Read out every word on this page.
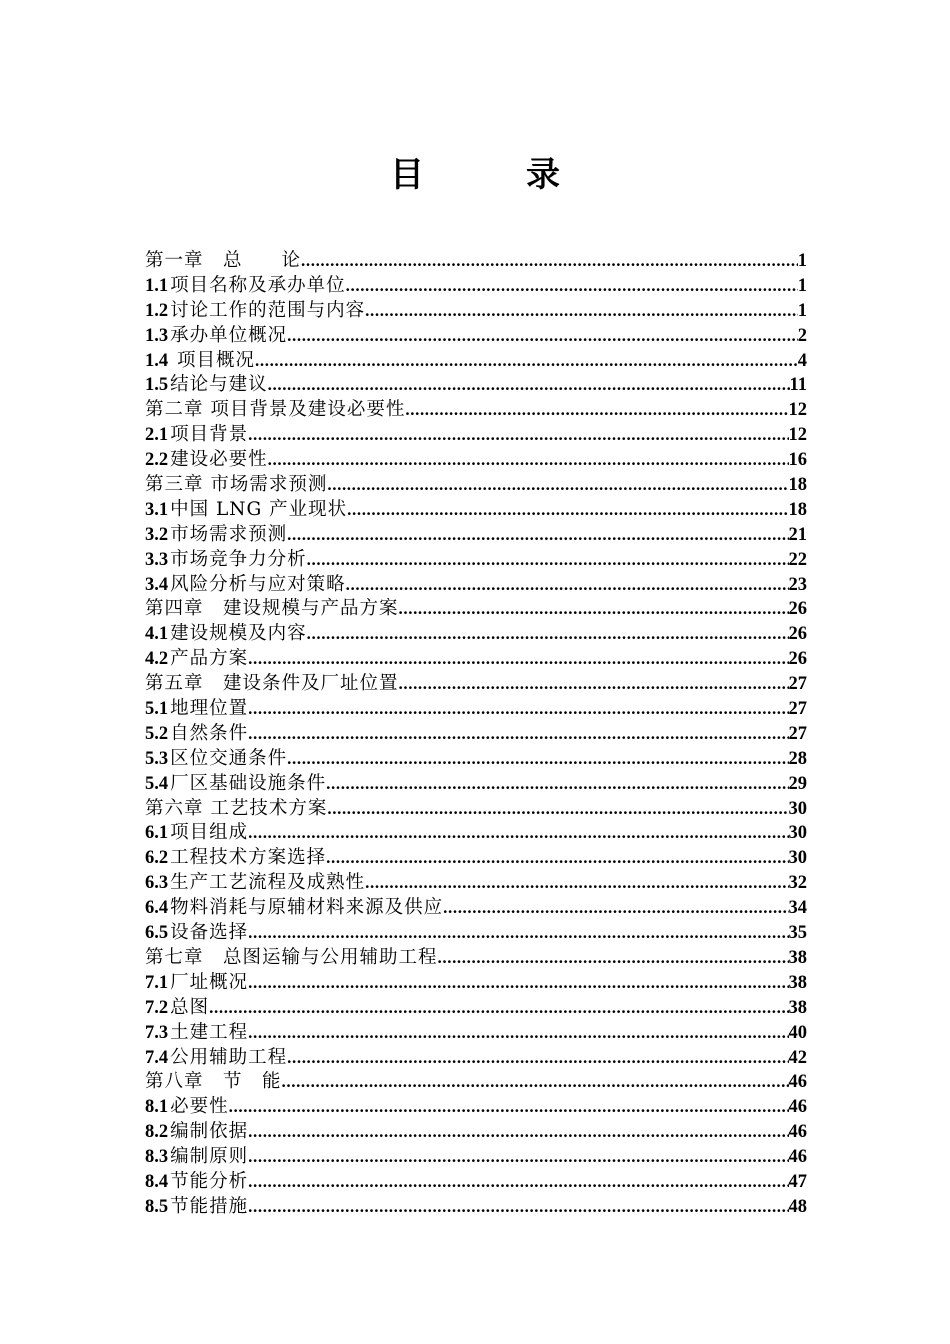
目　录
第一章　总　　论 .....	1
1.1 项目名称及承办单位 .....	1
1.2 讨论工作的范围与内容 .....	1
1.3 承办单位概况 .....	2
1.4 项目概况 .....	4
1.5 结论与建议 .....	11
第二章 项目背景及建设必要性 .....	12
2.1 项目背景 .....	12
2.2 建设必要性 .....	16
第三章 市场需求预测 .....	18
3.1 中国 LNG 产业现状 .....	18
3.2 市场需求预测 .....	21
3.3 市场竞争力分析 .....	22
3.4 风险分析与应对策略 .....	23
第四章　建设规模与产品方案 .....	26
4.1 建设规模及内容 .....	26
4.2 产品方案 .....	26
第五章　建设条件及厂址位置 .....	27
5.1 地理位置 .....	27
5.2 自然条件 .....	27
5.3 区位交通条件 .....	28
5.4 厂区基础设施条件 .....	29
第六章 工艺技术方案 .....	30
6.1 项目组成 .....	30
6.2 工程技术方案选择 .....	30
6.3 生产工艺流程及成熟性 .....	32
6.4 物料消耗与原辅材料来源及供应 .....	34
6.5 设备选择 .....	35
第七章　总图运输与公用辅助工程 .....	38
7.1 厂址概况 .....	38
7.2 总图 .....	38
7.3 土建工程 .....	40
7.4 公用辅助工程 .....	42
第八章　节　能 .....	46
8.1 必要性 .....	46
8.2 编制依据 .....	46
8.3 编制原则 .....	46
8.4 节能分析 .....	47
8.5 节能措施 .....	48
